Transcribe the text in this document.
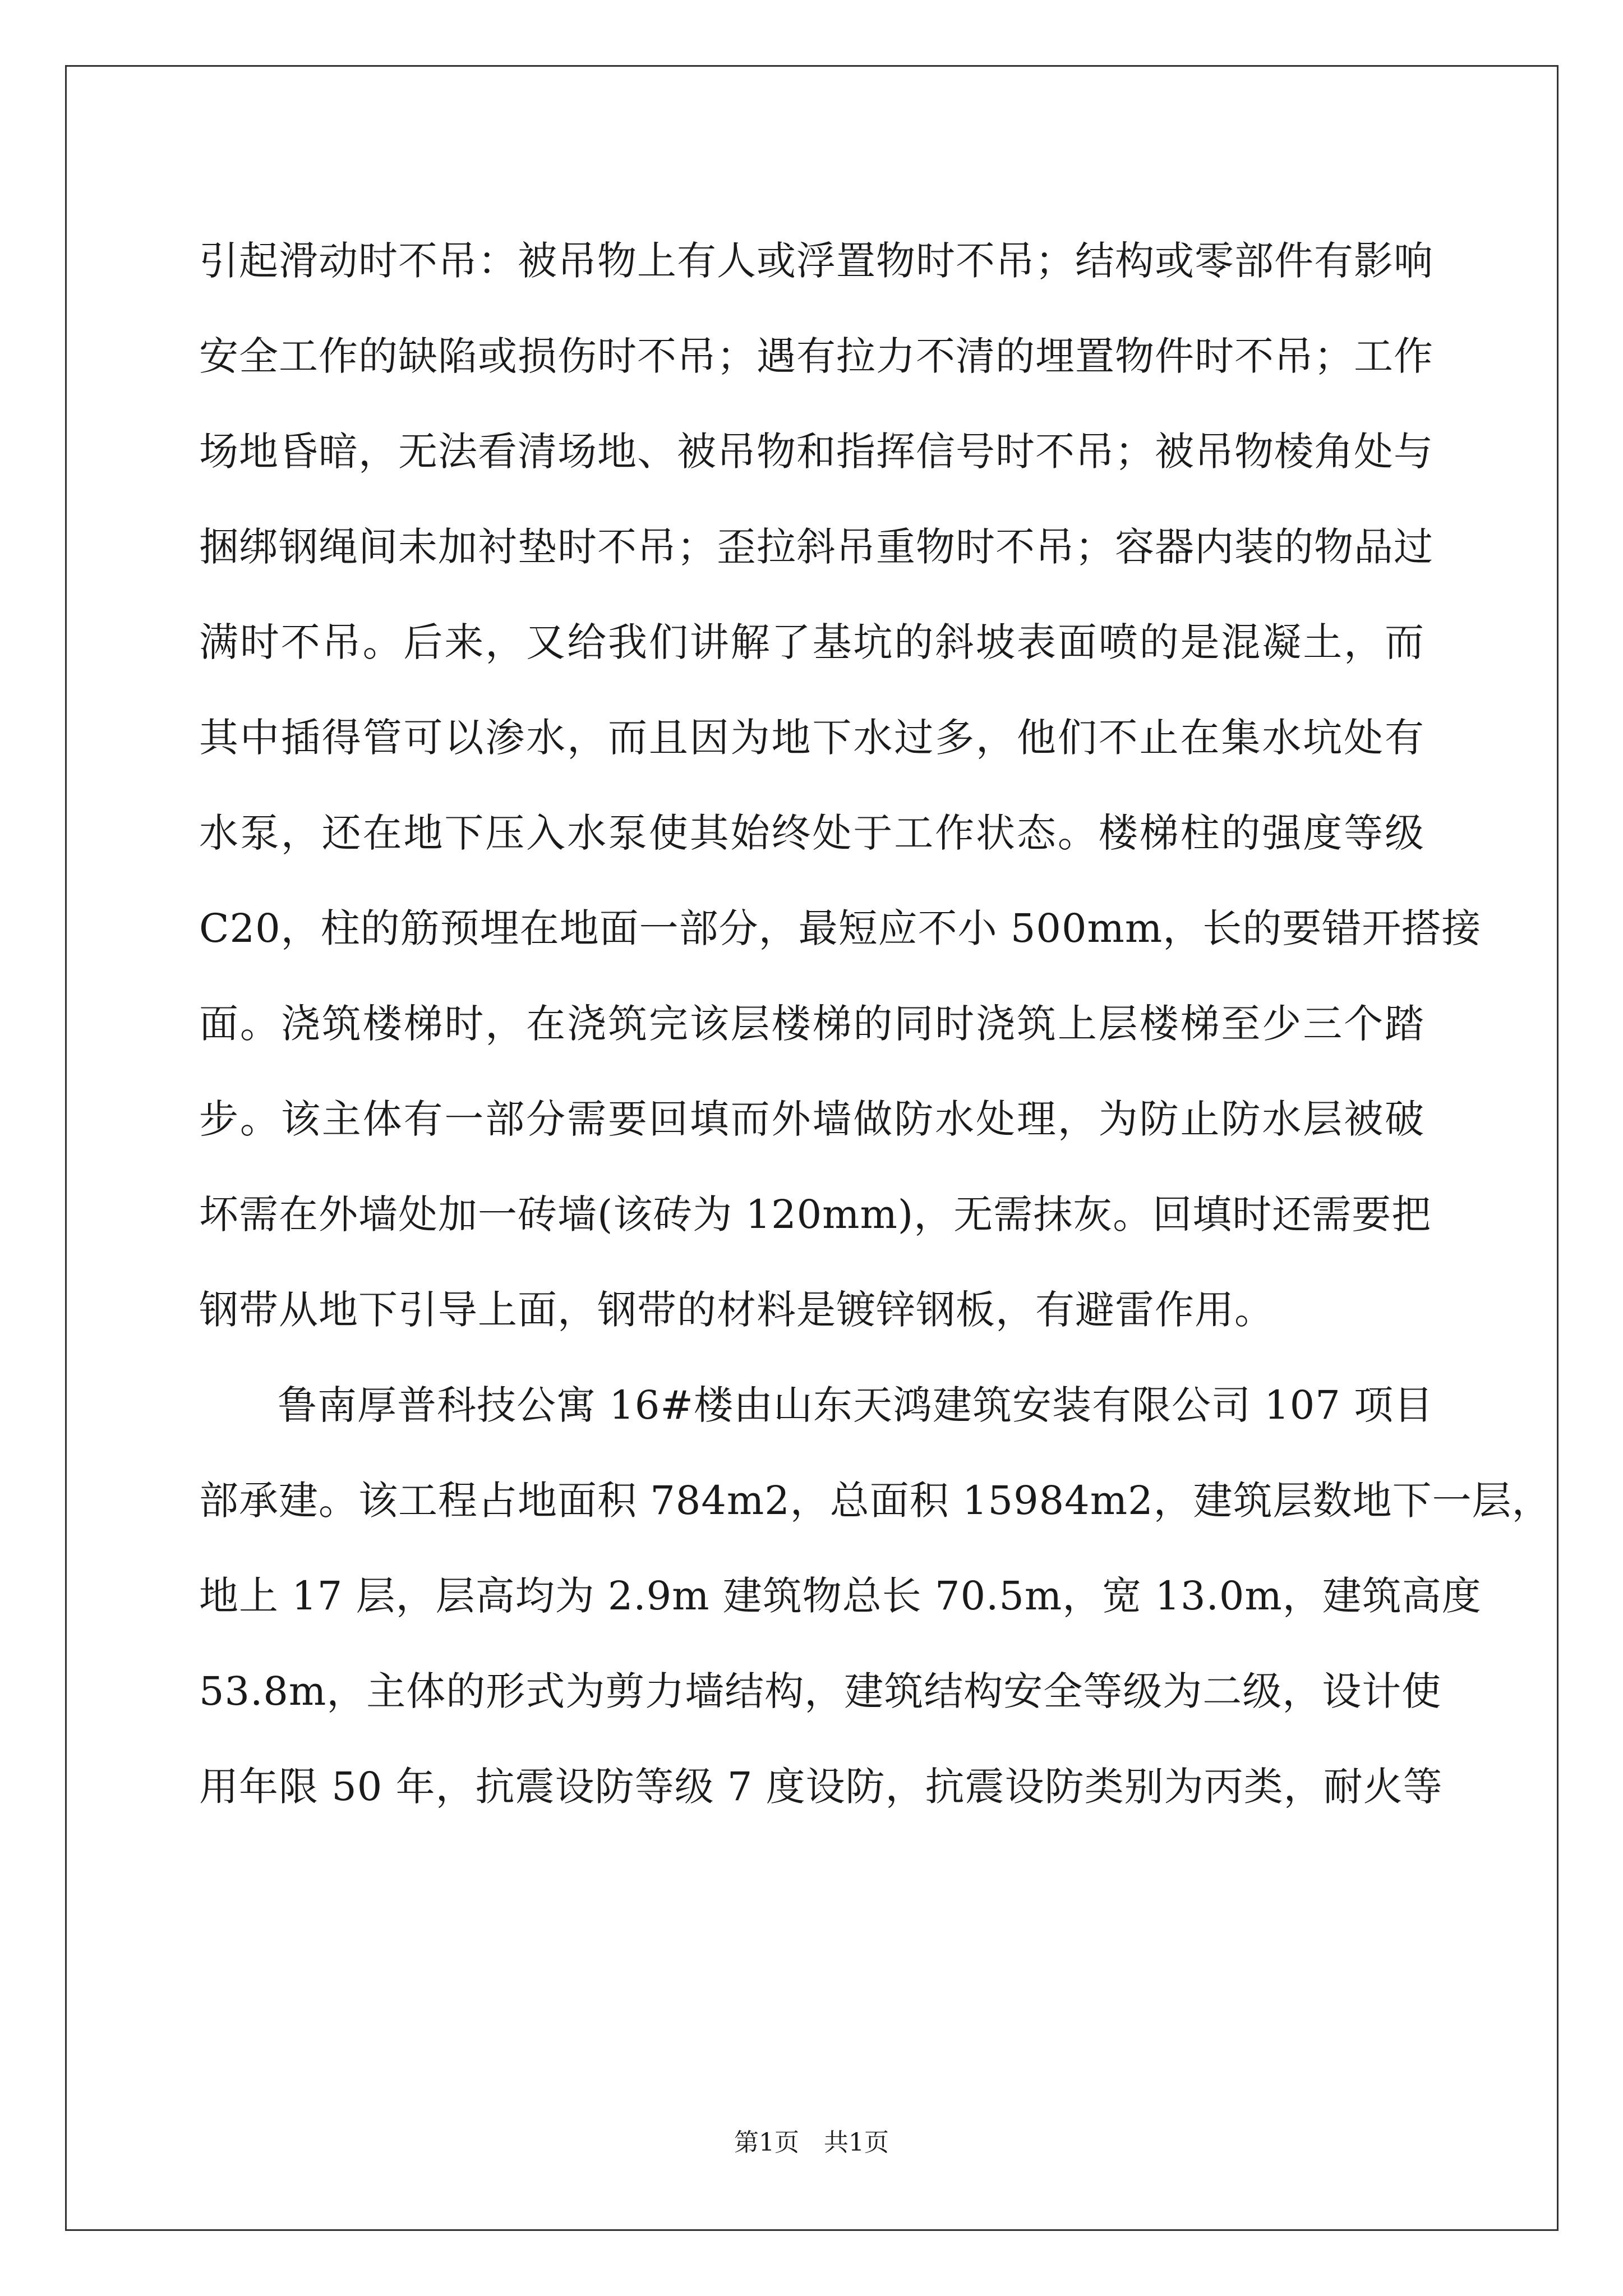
引起滑动时不吊：被吊物上有人或浮置物时不吊；结构或零部件有影响
安全工作的缺陷或损伤时不吊；遇有拉力不清的埋置物件时不吊；工作
场地昏暗，无法看清场地、被吊物和指挥信号时不吊；被吊物棱角处与
捆绑钢绳间未加衬垫时不吊；歪拉斜吊重物时不吊；容器内装的物品过
满时不吊。后来，又给我们讲解了基坑的斜坡表面喷的是混凝土，而
其中插得管可以渗水，而且因为地下水过多，他们不止在集水坑处有
水泵，还在地下压入水泵使其始终处于工作状态。楼梯柱的强度等级
C20，柱的筋预埋在地面一部分，最短应不小 500mm，长的要错开搭接
面。浇筑楼梯时，在浇筑完该层楼梯的同时浇筑上层楼梯至少三个踏
步。该主体有一部分需要回填而外墙做防水处理，为防止防水层被破
坏需在外墙处加一砖墙(该砖为 120mm)，无需抹灰。回填时还需要把
钢带从地下引导上面，钢带的材料是镀锌钢板，有避雷作用。
鲁南厚普科技公寓 16#楼由山东天鸿建筑安装有限公司 107 项目
部承建。该工程占地面积 784m2，总面积 15984m2，建筑层数地下一层，
地上 17 层，层高均为 2.9m 建筑物总长 70.5m，宽 13.0m，建筑高度
53.8m，主体的形式为剪力墙结构，建筑结构安全等级为二级，设计使
用年限 50 年，抗震设防等级 7 度设防，抗震设防类别为丙类，耐火等
第1页　共1页
